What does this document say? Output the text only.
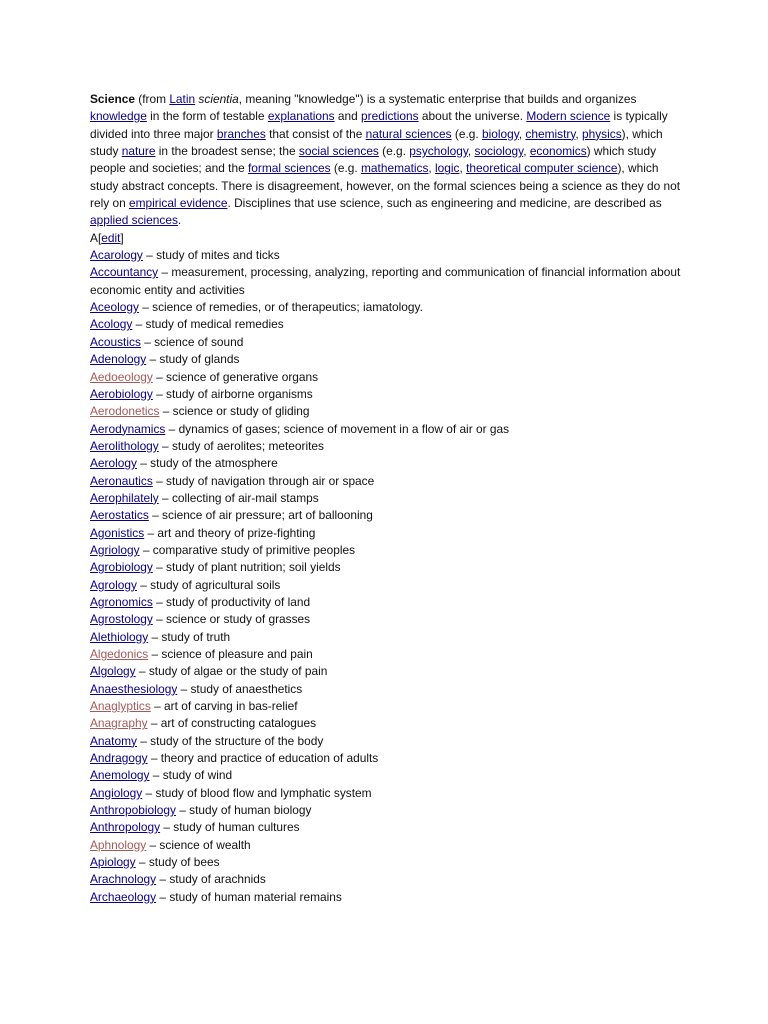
Science (from Latin scientia, meaning "knowledge") is a systematic enterprise that builds and organizes knowledge in the form of testable explanations and predictions about the universe. Modern science is typically divided into three major branches that consist of the natural sciences (e.g. biology, chemistry, physics), which study nature in the broadest sense; the social sciences (e.g. psychology, sociology, economics) which study people and societies; and the formal sciences (e.g. mathematics, logic, theoretical computer science), which study abstract concepts. There is disagreement, however, on the formal sciences being a science as they do not rely on empirical evidence. Disciplines that use science, such as engineering and medicine, are described as applied sciences.

A[edit]
Acarology – study of mites and ticks
Accountancy – measurement, processing, analyzing, reporting and communication of financial information about economic entity and activities
Aceology – science of remedies, or of therapeutics; iamatology.
Acology – study of medical remedies
Acoustics – science of sound
Adenology – study of glands
Aedoeology – science of generative organs
Aerobiology – study of airborne organisms
Aerodonetics – science or study of gliding
Aerodynamics – dynamics of gases; science of movement in a flow of air or gas
Aerolithology – study of aerolites; meteorites
Aerology – study of the atmosphere
Aeronautics – study of navigation through air or space
Aerophilately – collecting of air-mail stamps
Aerostatics – science of air pressure; art of ballooning
Agonistics – art and theory of prize-fighting
Agriology – comparative study of primitive peoples
Agrobiology – study of plant nutrition; soil yields
Agrology – study of agricultural soils
Agronomics – study of productivity of land
Agrostology – science or study of grasses
Alethiology – study of truth
Algedonics – science of pleasure and pain
Algology – study of algae or the study of pain
Anaesthesiology – study of anaesthetics
Anaglyptics – art of carving in bas-relief
Anagraphy – art of constructing catalogues
Anatomy – study of the structure of the body
Andragogy – theory and practice of education of adults
Anemology – study of wind
Angiology – study of blood flow and lymphatic system
Anthropobiology – study of human biology
Anthropology – study of human cultures
Aphnology – science of wealth
Apiology – study of bees
Arachnology – study of arachnids
Archaeology – study of human material remains
